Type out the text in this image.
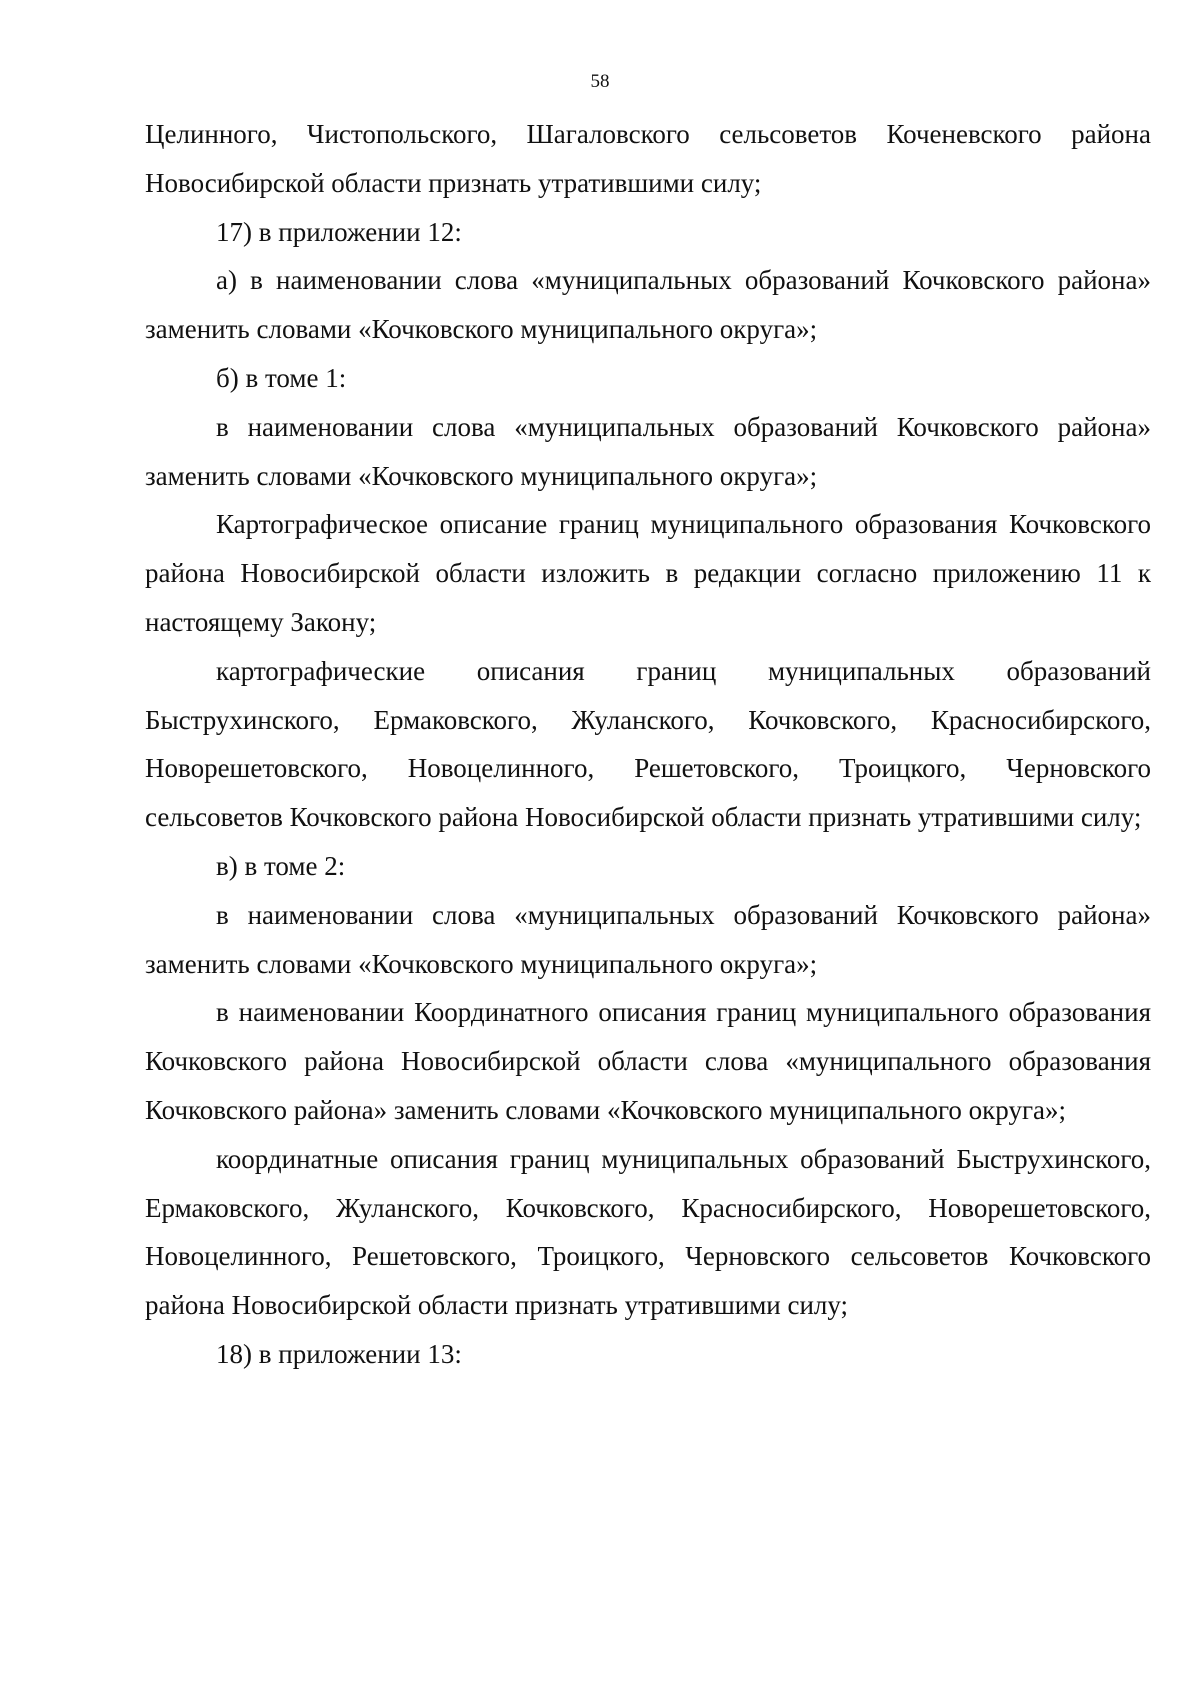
58

Целинного, Чистопольского, Шагаловского сельсоветов Коченевского района Новосибирской области признать утратившими силу;

17) в приложении 12:

а) в наименовании слова «муниципальных образований Кочковского района» заменить словами «Кочковского муниципального округа»;

б) в томе 1:

в наименовании слова «муниципальных образований Кочковского района» заменить словами «Кочковского муниципального округа»;

Картографическое описание границ муниципального образования Кочковского района Новосибирской области изложить в редакции согласно приложению 11 к настоящему Закону;

картографические описания границ муниципальных образований Быструхинского, Ермаковского, Жуланского, Кочковского, Красносибирского, Новорешетовского, Новоцелинного, Решетовского, Троицкого, Черновского сельсоветов Кочковского района Новосибирской области признать утратившими силу;

в) в томе 2:

в наименовании слова «муниципальных образований Кочковского района» заменить словами «Кочковского муниципального округа»;

в наименовании Координатного описания границ муниципального образования Кочковского района Новосибирской области слова «муниципального образования Кочковского района» заменить словами «Кочковского муниципального округа»;

координатные описания границ муниципальных образований Быструхинского, Ермаковского, Жуланского, Кочковского, Красносибирского, Новорешетовского, Новоцелинного, Решетовского, Троицкого, Черновского сельсоветов Кочковского района Новосибирской области признать утратившими силу;

18) в приложении 13:
